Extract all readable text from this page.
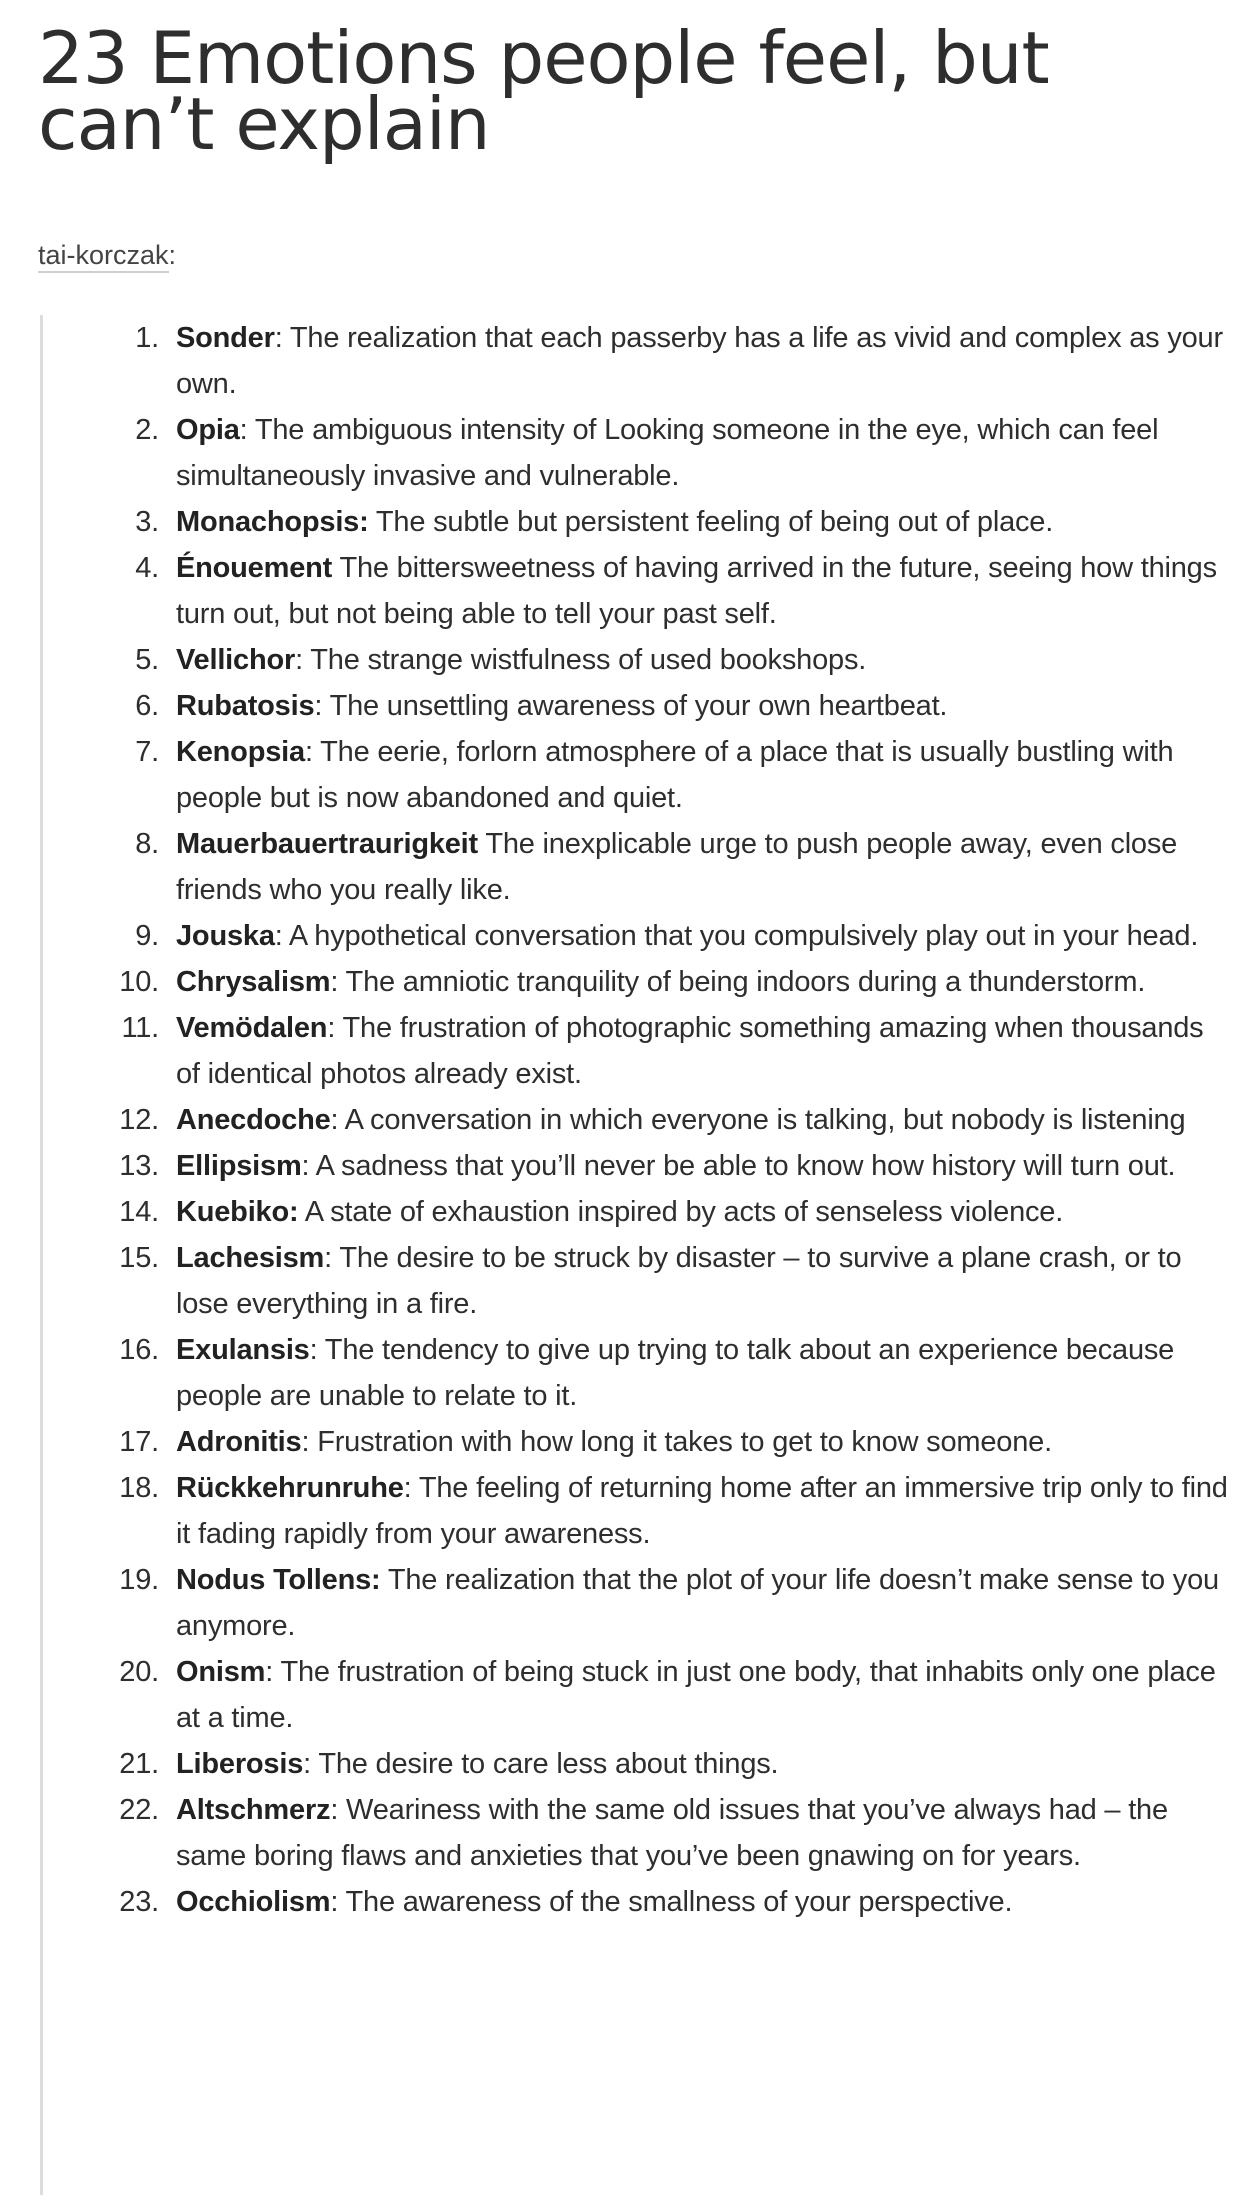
23 Emotions people feel, but
can’t explain
tai-korczak:
1. Sonder: The realization that each passerby has a life as vivid and complex as your own.
2. Opia: The ambiguous intensity of Looking someone in the eye, which can feel simultaneously invasive and vulnerable.
3. Monachopsis: The subtle but persistent feeling of being out of place.
4. Énouement The bittersweetness of having arrived in the future, seeing how things turn out, but not being able to tell your past self.
5. Vellichor: The strange wistfulness of used bookshops.
6. Rubatosis: The unsettling awareness of your own heartbeat.
7. Kenopsia: The eerie, forlorn atmosphere of a place that is usually bustling with people but is now abandoned and quiet.
8. Mauerbauertraurigkeit The inexplicable urge to push people away, even close friends who you really like.
9. Jouska: A hypothetical conversation that you compulsively play out in your head.
10. Chrysalism: The amniotic tranquility of being indoors during a thunderstorm.
11. Vemödalen: The frustration of photographic something amazing when thousands of identical photos already exist.
12. Anecdoche: A conversation in which everyone is talking, but nobody is listening
13. Ellipsism: A sadness that you’ll never be able to know how history will turn out.
14. Kuebiko: A state of exhaustion inspired by acts of senseless violence.
15. Lachesism: The desire to be struck by disaster – to survive a plane crash, or to lose everything in a fire.
16. Exulansis: The tendency to give up trying to talk about an experience because people are unable to relate to it.
17. Adronitis: Frustration with how long it takes to get to know someone.
18. Rückkehrunruhe: The feeling of returning home after an immersive trip only to find it fading rapidly from your awareness.
19. Nodus Tollens: The realization that the plot of your life doesn’t make sense to you anymore.
20. Onism: The frustration of being stuck in just one body, that inhabits only one place at a time.
21. Liberosis: The desire to care less about things.
22. Altschmerz: Weariness with the same old issues that you’ve always had – the same boring flaws and anxieties that you’ve been gnawing on for years.
23. Occhiolism: The awareness of the smallness of your perspective.
